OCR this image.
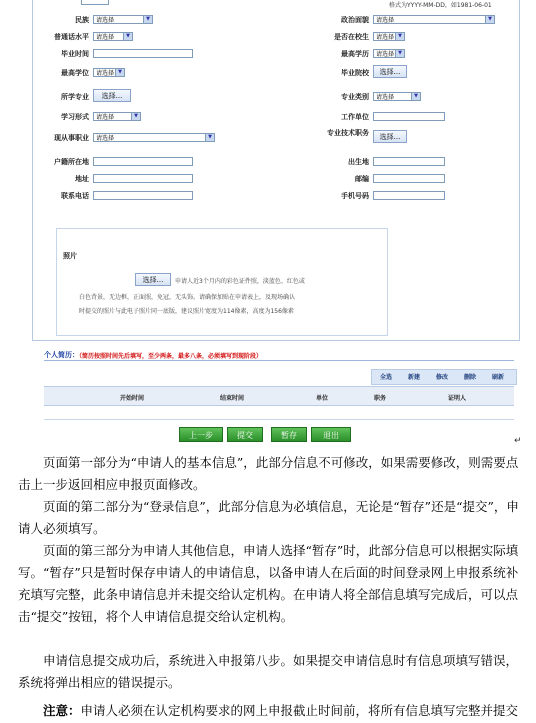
格式为YYYY-MM-DD，如1981-06-01
民族	请选择	▼	政治面貌	请选择	▼
普通话水平	请选择	▼	是否在校生	请选择 ▼
毕业时间	最高学历	请选择 ▼
最高学位	请选择 ▼	毕业院校	选择...
所学专业	选择...	专业类别	请选择	▼
学习形式	请选择	▼	工作单位
现从事职业	请选择	▼	专业技术职务	选择...
户籍所在地	出生地
地址	邮编
联系电话	手机号码
照片
选择...	申请人近3个月内的彩色证件照，淡蓝色、红色或
白色背景，无边框，正面照，免冠，无头饰。请确保加贴在申请表上，及现场确认
时提交的照片与此电子照片同一底版，建议照片宽度为114像素，高度为156像素
个人简历：
（简历按照时间先后填写，至少两条，最多八条，必须填写到现阶段）
全选	新建	修改	删除	刷新
开始时间	结束时间	单位	职务	证明人
上一步	提交	暂存	退出
↵
页面第一部分为“申请人的基本信息”，此部分信息不可修改，如果需要修改，则需要点击上一步返回相应申报页面修改。
页面的第二部分为“登录信息”，此部分信息为必填信息，无论是“暂存”还是“提交”，申请人必须填写。
页面的第三部分为申请人其他信息，申请人选择“暂存”时，此部分信息可以根据实际填写。“暂存”只是暂时保存申请人的申请信息，以备申请人在后面的时间登录网上申报系统补充填写完整，此条申请信息并未提交给认定机构。在申请人将全部信息填写完成后，可以点击“提交”按钮，将个人申请信息提交给认定机构。
申请信息提交成功后，系统进入申报第八步。如果提交申请信息时有信息项填写错误，系统将弹出相应的错误提示。
注意：申请人必须在认定机构要求的网上申报截止时间前，将所有信息填写完整并提交
